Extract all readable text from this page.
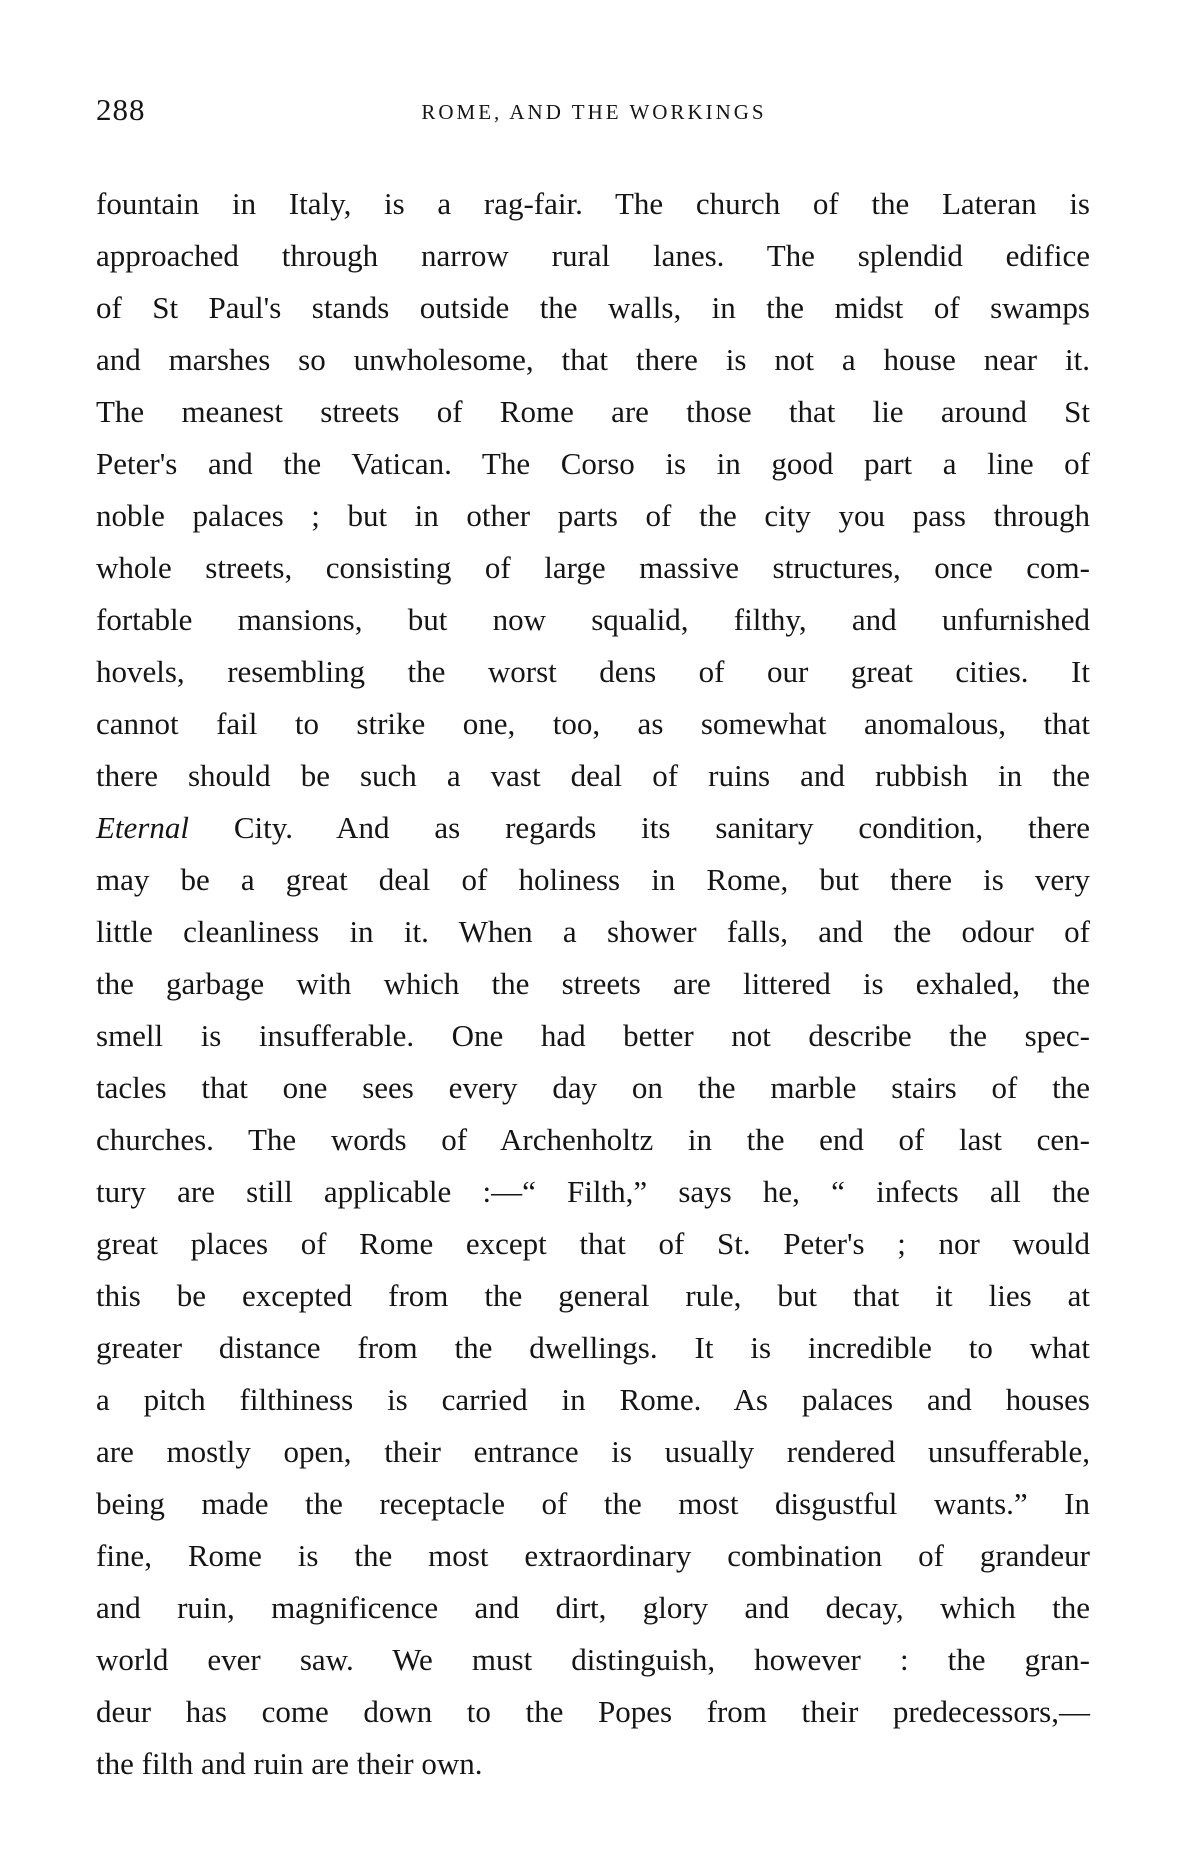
288	ROME, AND THE WORKINGS
fountain in Italy, is a rag-fair. The church of the Lateran is
approached through narrow rural lanes. The splendid edifice
of St Paul's stands outside the walls, in the midst of swamps
and marshes so unwholesome, that there is not a house near it.
The meanest streets of Rome are those that lie around St
Peter's and the Vatican. The Corso is in good part a line of
noble palaces ; but in other parts of the city you pass through
whole streets, consisting of large massive structures, once com-
fortable mansions, but now squalid, filthy, and unfurnished
hovels, resembling the worst dens of our great cities. It
cannot fail to strike one, too, as somewhat anomalous, that
there should be such a vast deal of ruins and rubbish in the
Eternal City. And as regards its sanitary condition, there
may be a great deal of holiness in Rome, but there is very
little cleanliness in it. When a shower falls, and the odour of
the garbage with which the streets are littered is exhaled, the
smell is insufferable. One had better not describe the spec-
tacles that one sees every day on the marble stairs of the
churches. The words of Archenholtz in the end of last cen-
tury are still applicable :—“ Filth,” says he, “ infects all the
great places of Rome except that of St. Peter's ; nor would
this be excepted from the general rule, but that it lies at
greater distance from the dwellings. It is incredible to what
a pitch filthiness is carried in Rome. As palaces and houses
are mostly open, their entrance is usually rendered unsufferable,
being made the receptacle of the most disgustful wants.” In
fine, Rome is the most extraordinary combination of grandeur
and ruin, magnificence and dirt, glory and decay, which the
world ever saw. We must distinguish, however : the gran-
deur has come down to the Popes from their predecessors,—
the filth and ruin are their own.
